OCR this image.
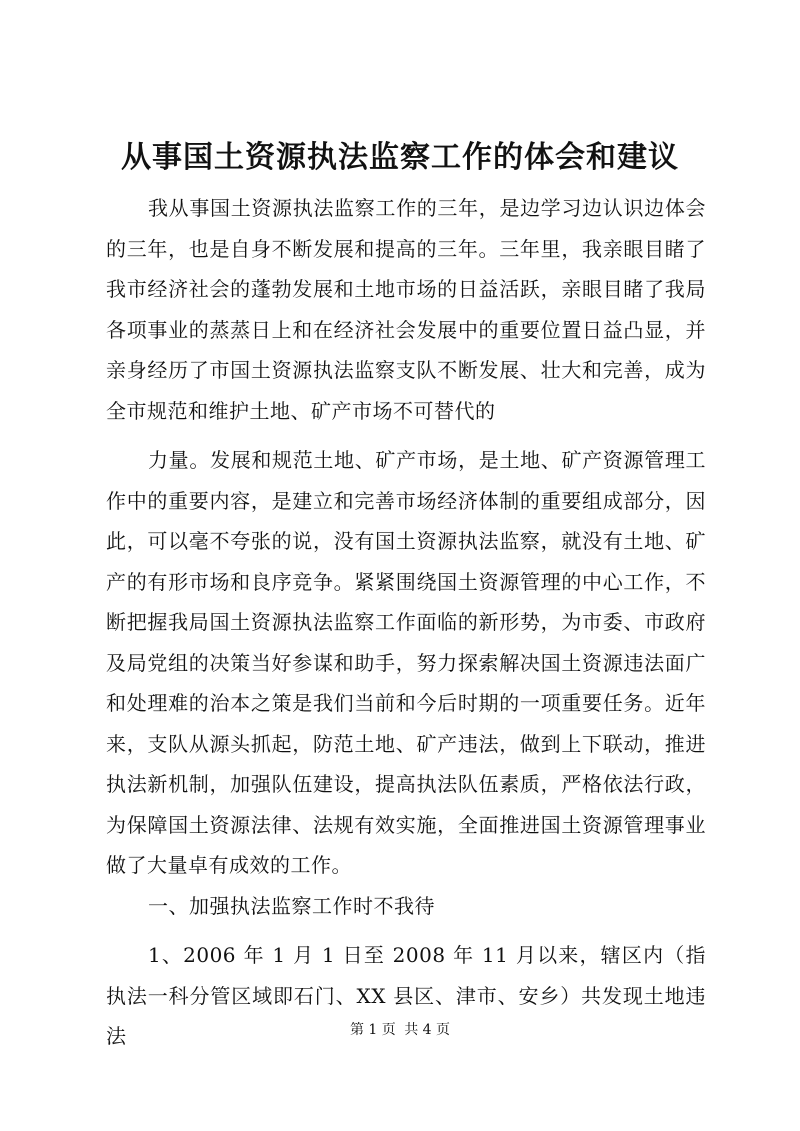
从事国土资源执法监察工作的体会和建议

我从事国土资源执法监察工作的三年，是边学习边认识边体会的三年，也是自身不断发展和提高的三年。三年里，我亲眼目睹了我市经济社会的蓬勃发展和土地市场的日益活跃，亲眼目睹了我局各项事业的蒸蒸日上和在经济社会发展中的重要位置日益凸显，并亲身经历了市国土资源执法监察支队不断发展、壮大和完善，成为全市规范和维护土地、矿产市场不可替代的

力量。发展和规范土地、矿产市场，是土地、矿产资源管理工作中的重要内容，是建立和完善市场经济体制的重要组成部分，因此，可以毫不夸张的说，没有国土资源执法监察，就没有土地、矿产的有形市场和良序竞争。紧紧围绕国土资源管理的中心工作，不断把握我局国土资源执法监察工作面临的新形势，为市委、市政府及局党组的决策当好参谋和助手，努力探索解决国土资源违法面广和处理难的治本之策是我们当前和今后时期的一项重要任务。近年来，支队从源头抓起，防范土地、矿产违法，做到上下联动，推进执法新机制，加强队伍建设，提高执法队伍素质，严格依法行政，为保障国土资源法律、法规有效实施，全面推进国土资源管理事业做了大量卓有成效的工作。

一、加强执法监察工作时不我待

1、2006 年 1 月 1 日至 2008 年 11 月以来，辖区内（指执法一科分管区域即石门、XX 县区、津市、安乡）共发现土地违法	第 1 页 共 4 页
